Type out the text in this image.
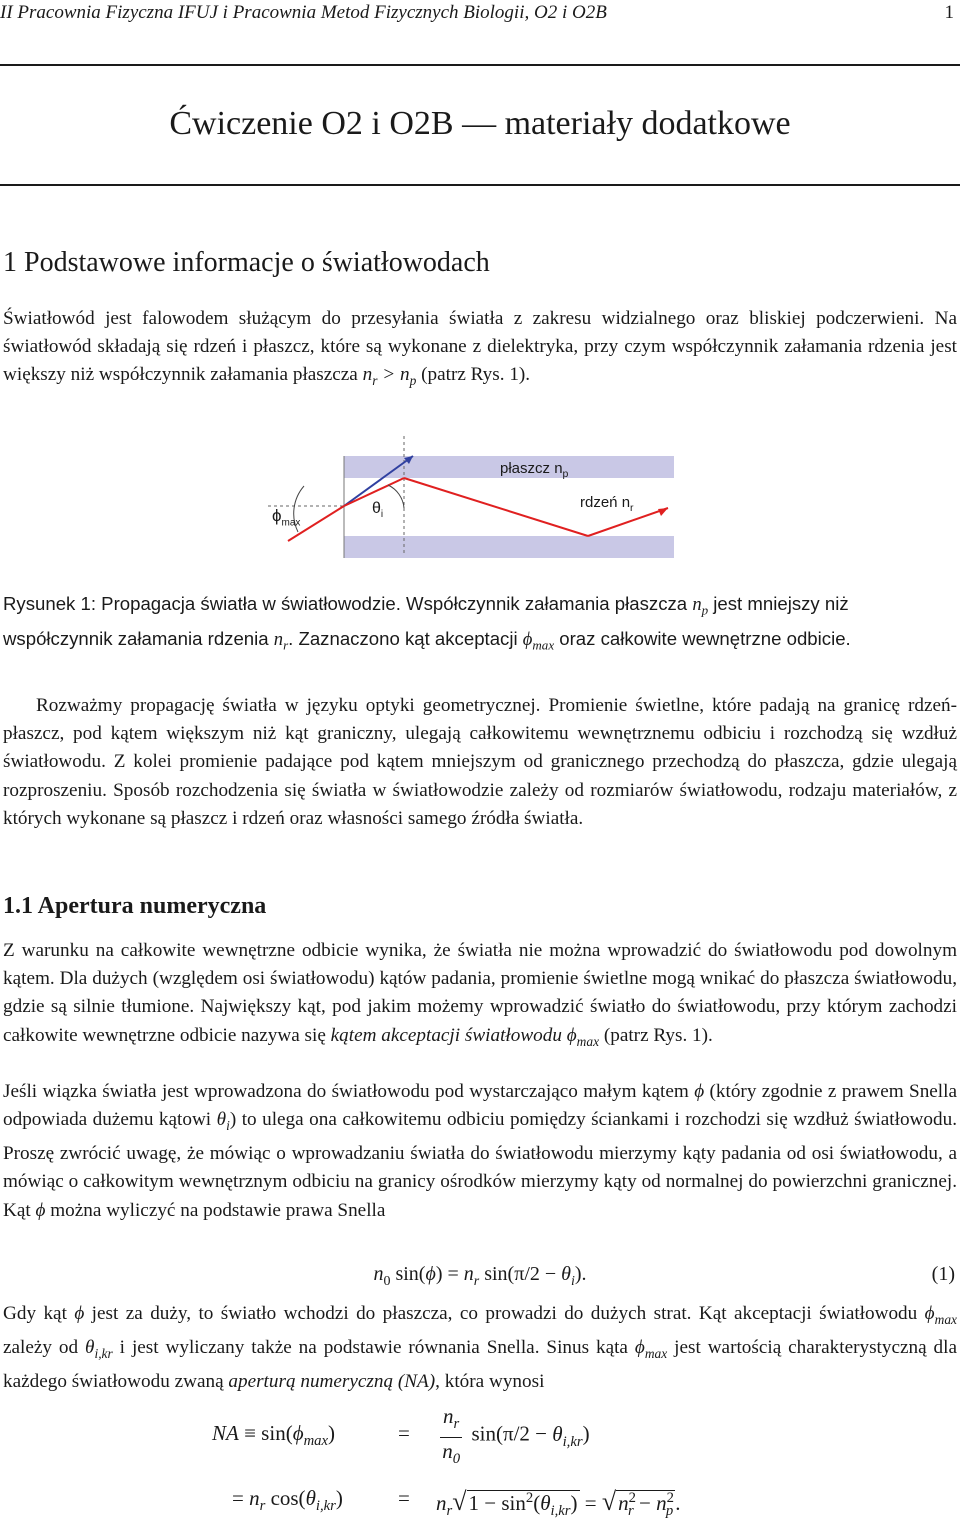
II Pracownia Fizyczna IFUJ i Pracownia Metod Fizycznych Biologii, O2 i O2B	1
Ćwiczenie O2 i O2B — materiały dodatkowe
1 Podstawowe informacje o światłowodach
Światłowód jest falowodem służącym do przesyłania światła z zakresu widzialnego oraz bliskiej podczerwieni. Na światłowód składają się rdzeń i płaszcz, które są wykonane z dielektryka, przy czym współczynnik załamania rdzenia jest większy niż współczynnik załamania płaszcza $n_r > n_p$ (patrz Rys. 1).
płaszcz $n_p$
rdzeń $n_r$
$\phi_{max}$
$\theta_i$
Rysunek 1: Propagacja światła w światłowodzie. Współczynnik załamania płaszcza $n_p$ jest mniejszy niż współczynnik załamania rdzenia $n_r$. Zaznaczono kąt akceptacji $\phi_{max}$ oraz całkowite wewnętrzne odbicie.
Rozważmy propagację światła w języku optyki geometrycznej. Promienie świetlne, które padają na granicę rdzeń-płaszcz, pod kątem większym niż kąt graniczny, ulegają całkowitemu wewnętrznemu odbiciu i rozchodzą się wzdłuż światłowodu. Z kolei promienie padające pod kątem mniejszym od granicznego przechodzą do płaszcza, gdzie ulegają rozproszeniu. Sposób rozchodzenia się światła w światłowodzie zależy od rozmiarów światłowodu, rodzaju materiałów, z których wykonane są płaszcz i rdzeń oraz własności samego źródła światła.
1.1 Apertura numeryczna
Z warunku na całkowite wewnętrzne odbicie wynika, że światła nie można wprowadzić do światłowodu pod dowolnym kątem. Dla dużych (względem osi światłowodu) kątów padania, promienie świetlne mogą wnikać do płaszcza światłowodu, gdzie są silnie tłumione. Największy kąt, pod jakim możemy wprowadzić światło do światłowodu, przy którym zachodzi całkowite wewnętrzne odbicie nazywa się kątem akceptacji światłowodu $\phi_{max}$ (patrz Rys. 1).
Jeśli wiązka światła jest wprowadzona do światłowodu pod wystarczająco małym kątem ϕ (który zgodnie z prawem Snella odpowiada dużemu kątowi $\theta_i$) to ulega ona całkowitemu odbiciu pomiędzy ściankami i rozchodzi się wzdłuż światłowodu. Proszę zwrócić uwagę, że mówiąc o wprowadzaniu światła do światłowodu mierzymy kąty padania od osi światłowodu, a mówiąc o całkowitym wewnętrznym odbiciu na granicy ośrodków mierzymy kąty od normalnej do powierzchni granicznej. Kąt ϕ można wyliczyć na podstawie prawa Snella
$n_0$ $\sin(\phi) = n_r$ $\sin(\pi/2 - \theta_i)$.	(1)
Gdy kąt ϕ jest za duży, to światło wchodzi do płaszcza, co prowadzi do dużych strat. Kąt akceptacji światłowodu $\phi_{max}$ zależy od $\theta_{i,kr}$ i jest wyliczany także na podstawie równania Snella. Sinus kąta $\phi_{max}$ jest wartością charakterystyczną dla każdego światłowodu zwaną aperturą numeryczną (NA), która wynosi
NA ≡ $\sin(\phi_{max})$	= $\frac{n_r}{n_0} \sin(\pi/2 - \theta_{i,kr})$
= $n_r$ $\cos(\theta_{i,kr})$	= $n_r√1 - \sin^2(\theta_{i,kr}) = √n^2_r - n^2_p$.
